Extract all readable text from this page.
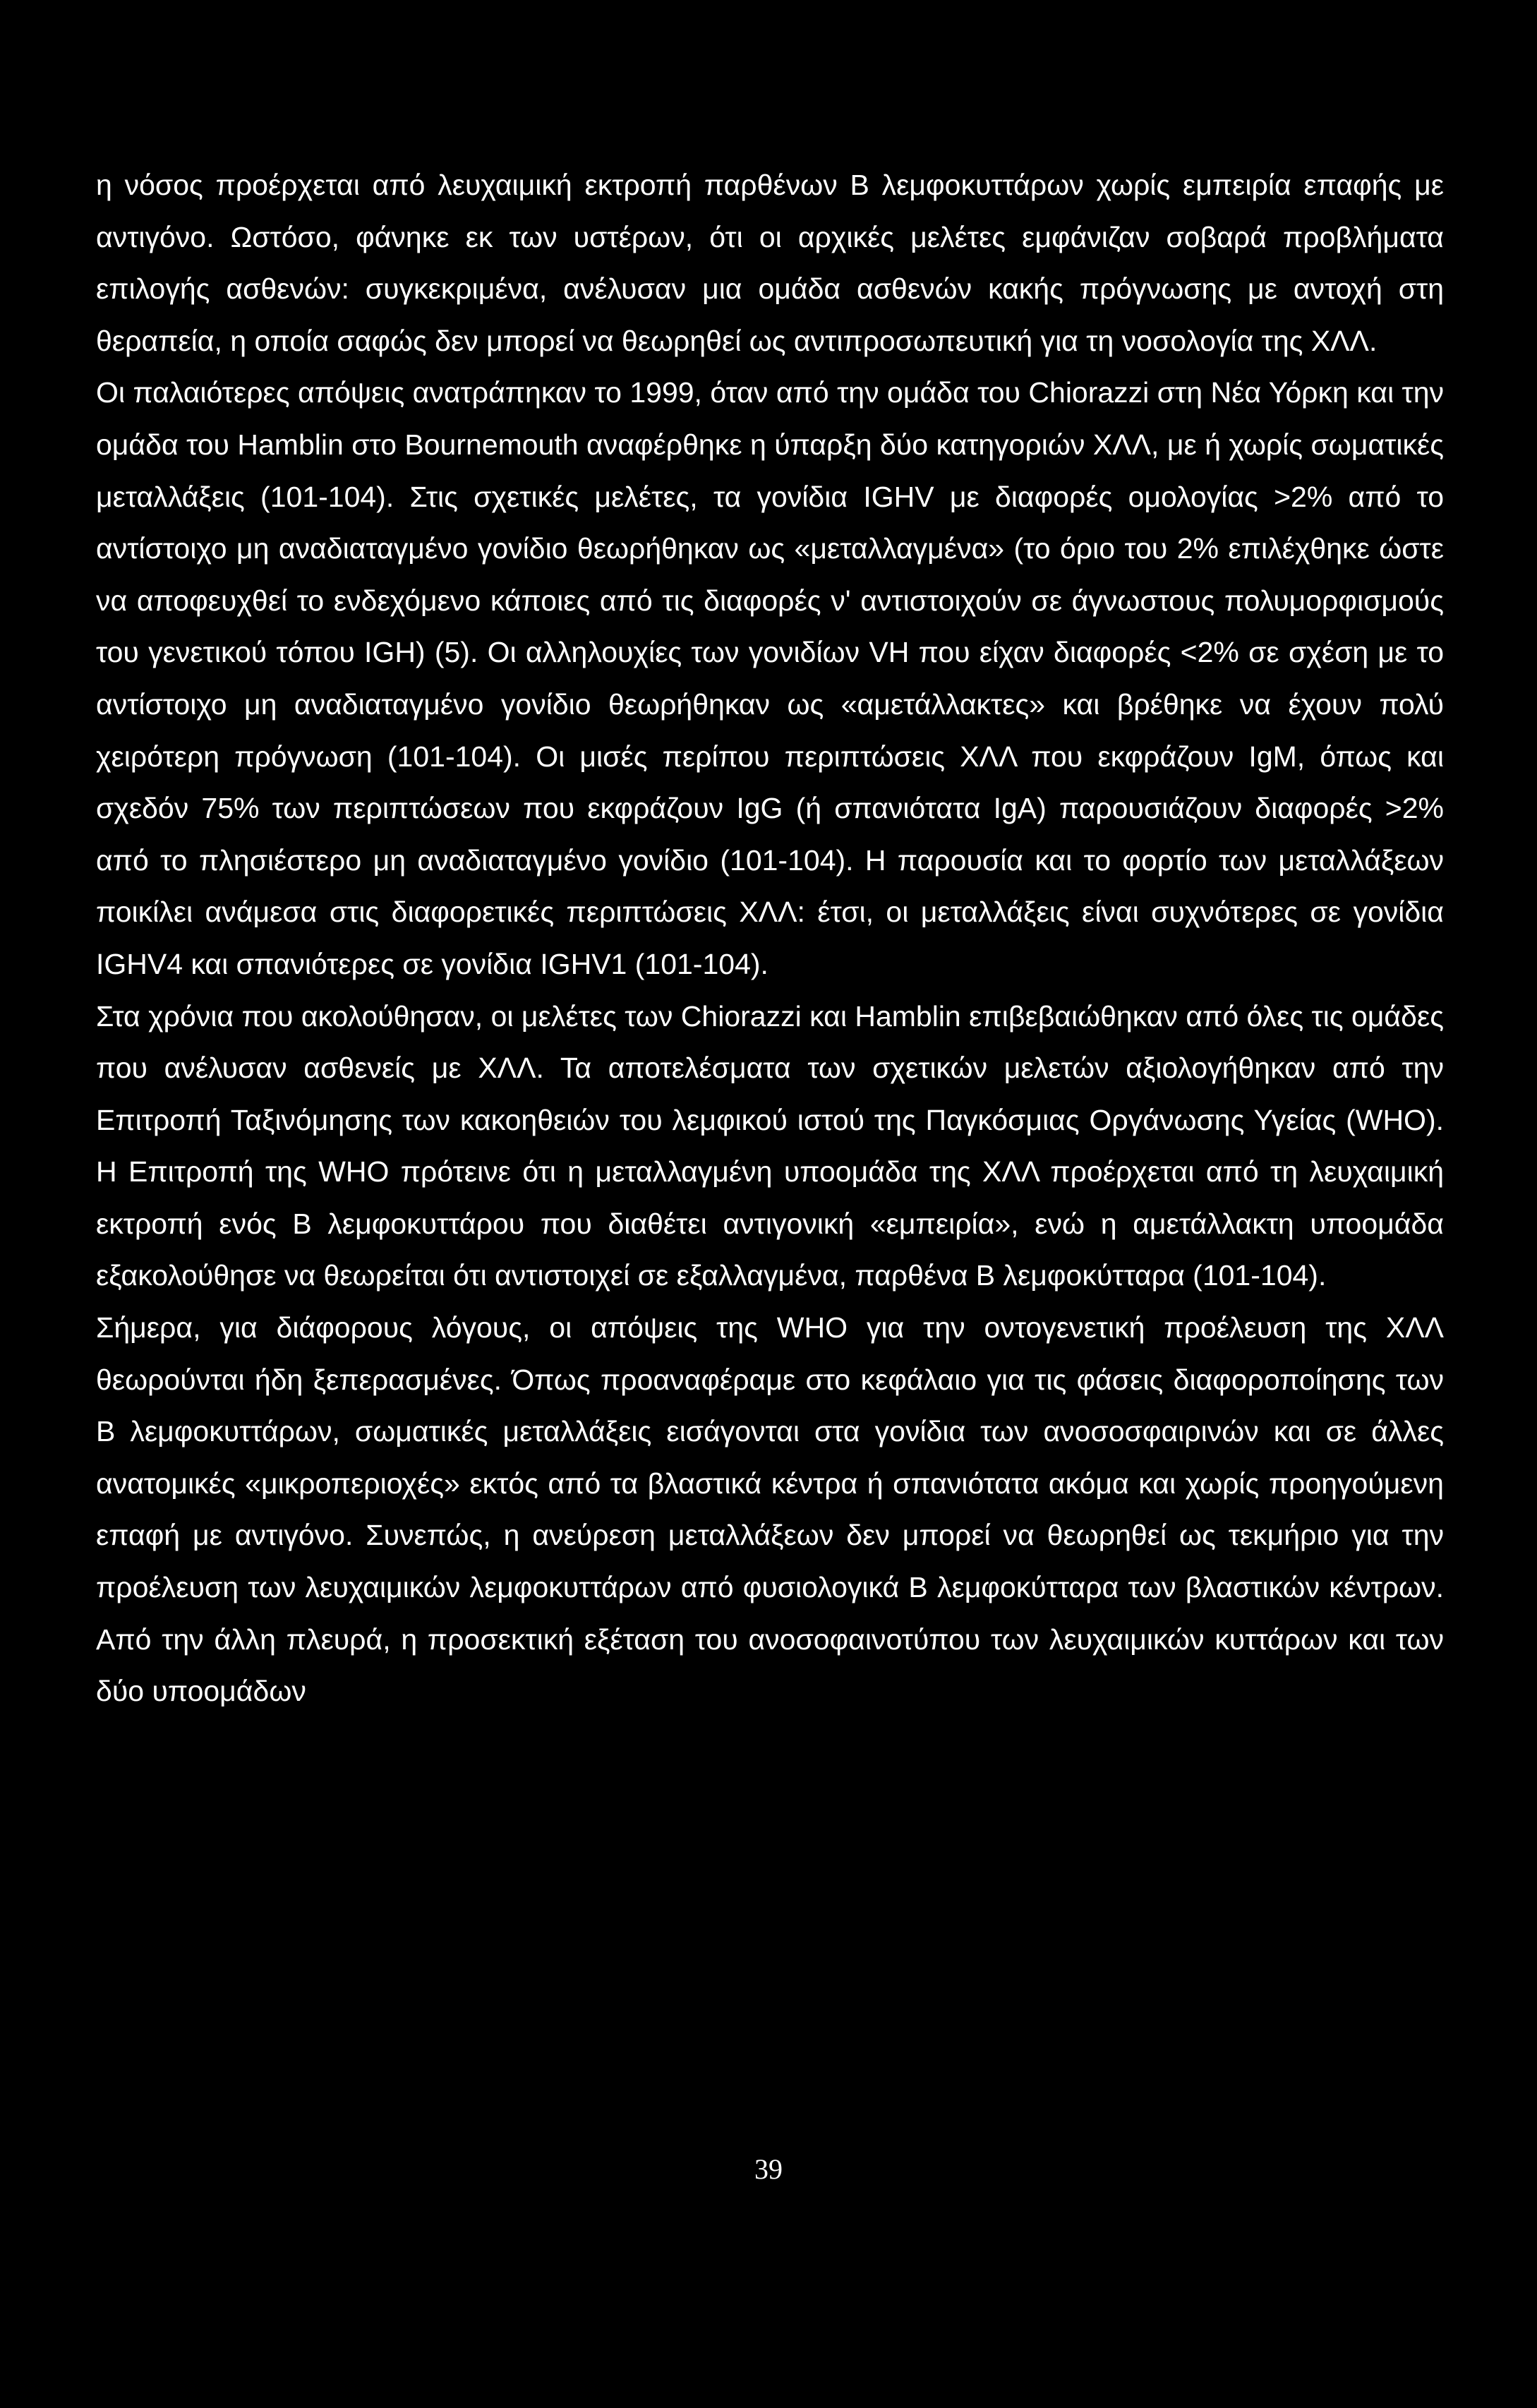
η νόσος προέρχεται από λευχαιμική εκτροπή παρθένων Β λεμφοκυττάρων χωρίς εμπειρία επαφής με αντιγόνο. Ωστόσο, φάνηκε εκ των υστέρων, ότι οι αρχικές μελέτες εμφάνιζαν σοβαρά προβλήματα επιλογής ασθενών: συγκεκριμένα, ανέλυσαν μια ομάδα ασθενών κακής πρόγνωσης με αντοχή στη θεραπεία, η οποία σαφώς δεν μπορεί να θεωρηθεί ως αντιπροσωπευτική για τη νοσολογία της ΧΛΛ.

Οι παλαιότερες απόψεις ανατράπηκαν το 1999, όταν από την ομάδα του Chiorazzi στη Νέα Υόρκη και την ομάδα του Hamblin στο Bournemouth αναφέρθηκε η ύπαρξη δύο κατηγοριών ΧΛΛ, με ή χωρίς σωματικές μεταλλάξεις (101-104). Στις σχετικές μελέτες, τα γονίδια IGHV με διαφορές ομολογίας >2% από το αντίστοιχο μη αναδιαταγμένο γονίδιο θεωρήθηκαν ως «μεταλλαγμένα» (το όριο του 2% επιλέχθηκε ώστε να αποφευχθεί το ενδεχόμενο κάποιες από τις διαφορές ν' αντιστοιχούν σε άγνωστους πολυμορφισμούς του γενετικού τόπου IGH) (5). Οι αλληλουχίες των γονιδίων VH που είχαν διαφορές <2% σε σχέση με το αντίστοιχο μη αναδιαταγμένο γονίδιο θεωρήθηκαν ως «αμετάλλακτες» και βρέθηκε να έχουν πολύ χειρότερη πρόγνωση (101-104). Οι μισές περίπου περιπτώσεις ΧΛΛ που εκφράζουν IgM, όπως και σχεδόν 75% των περιπτώσεων που εκφράζουν IgG (ή σπανιότατα IgA) παρουσιάζουν διαφορές >2% από το πλησιέστερο μη αναδιαταγμένο γονίδιο (101-104). Η παρουσία και το φορτίο των μεταλλάξεων ποικίλει ανάμεσα στις διαφορετικές περιπτώσεις ΧΛΛ: έτσι, οι μεταλλάξεις είναι συχνότερες σε γονίδια IGHV4 και σπανιότερες σε γονίδια IGHV1 (101-104).

Στα χρόνια που ακολούθησαν, οι μελέτες των Chiorazzi και Hamblin επιβεβαιώθηκαν από όλες τις ομάδες που ανέλυσαν ασθενείς με ΧΛΛ. Τα αποτελέσματα των σχετικών μελετών αξιολογήθηκαν από την Επιτροπή Ταξινόμησης των κακοηθειών του λεμφικού ιστού της Παγκόσμιας Οργάνωσης Υγείας (WHO). Η Επιτροπή της WHO πρότεινε ότι η μεταλλαγμένη υποομάδα της ΧΛΛ προέρχεται από τη λευχαιμική εκτροπή ενός Β λεμφοκυττάρου που διαθέτει αντιγονική «εμπειρία», ενώ η αμετάλλακτη υποομάδα εξακολούθησε να θεωρείται ότι αντιστοιχεί σε εξαλλαγμένα, παρθένα Β λεμφοκύτταρα (101-104).

Σήμερα, για διάφορους λόγους, οι απόψεις της WHO για την οντογενετική προέλευση της ΧΛΛ θεωρούνται ήδη ξεπερασμένες. Όπως προαναφέραμε στο κεφάλαιο για τις φάσεις διαφοροποίησης των Β λεμφοκυττάρων, σωματικές μεταλλάξεις εισάγονται στα γονίδια των ανοσοσφαιρινών και σε άλλες ανατομικές «μικροπεριοχές» εκτός από τα βλαστικά κέντρα ή σπανιότατα ακόμα και χωρίς προηγούμενη επαφή με αντιγόνο. Συνεπώς, η ανεύρεση μεταλλάξεων δεν μπορεί να θεωρηθεί ως τεκμήριο για την προέλευση των λευχαιμικών λεμφοκυττάρων από φυσιολογικά Β λεμφοκύτταρα των βλαστικών κέντρων. Από την άλλη πλευρά, η προσεκτική εξέταση του ανοσοφαινοτύπου των λευχαιμικών κυττάρων και των δύο υποομάδων

39
